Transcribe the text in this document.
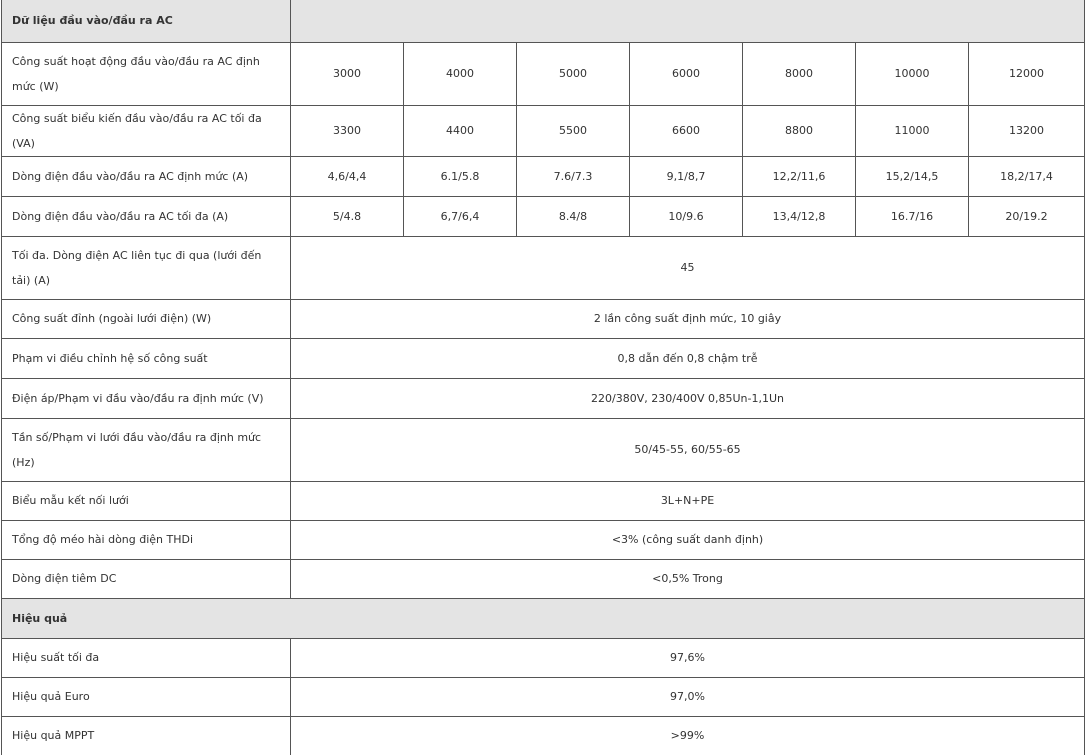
Dữ liệu đầu vào/đầu ra AC							
Công suất hoạt động đầu vào/đầu ra AC định mức (W)	3000	4000	5000	6000	8000	10000	12000
Công suất biểu kiến đầu vào/đầu ra AC tối đa (VA)	3300	4400	5500	6600	8800	11000	13200
Dòng điện đầu vào/đầu ra AC định mức (A)	4,6/4,4	6.1/5.8	7.6/7.3	9,1/8,7	12,2/11,6	15,2/14,5	18,2/17,4
Dòng điện đầu vào/đầu ra AC tối đa (A)	5/4.8	6,7/6,4	8.4/8	10/9.6	13,4/12,8	16.7/16	20/19.2
Tối đa. Dòng điện AC liên tục đi qua (lưới đến tải) (A)	45						
Công suất đỉnh (ngoài lưới điện) (W)	2 lần công suất định mức, 10 giây						
Phạm vi điều chỉnh hệ số công suất	0,8 dẫn đến 0,8 chậm trễ						
Điện áp/Phạm vi đầu vào/đầu ra định mức (V)	220/380V, 230/400V 0,85Un-1,1Un						
Tần số/Phạm vi lưới đầu vào/đầu ra định mức (Hz)	50/45-55, 60/55-65						
Biểu mẫu kết nối lưới	3L+N+PE						
Tổng độ méo hài dòng điện THDi	<3% (công suất danh định)						
Dòng điện tiêm DC	<0,5% Trong						
Hiệu quả							
Hiệu suất tối đa	97,6%						
Hiệu quả Euro	97,0%						
Hiệu quả MPPT	>99%						
